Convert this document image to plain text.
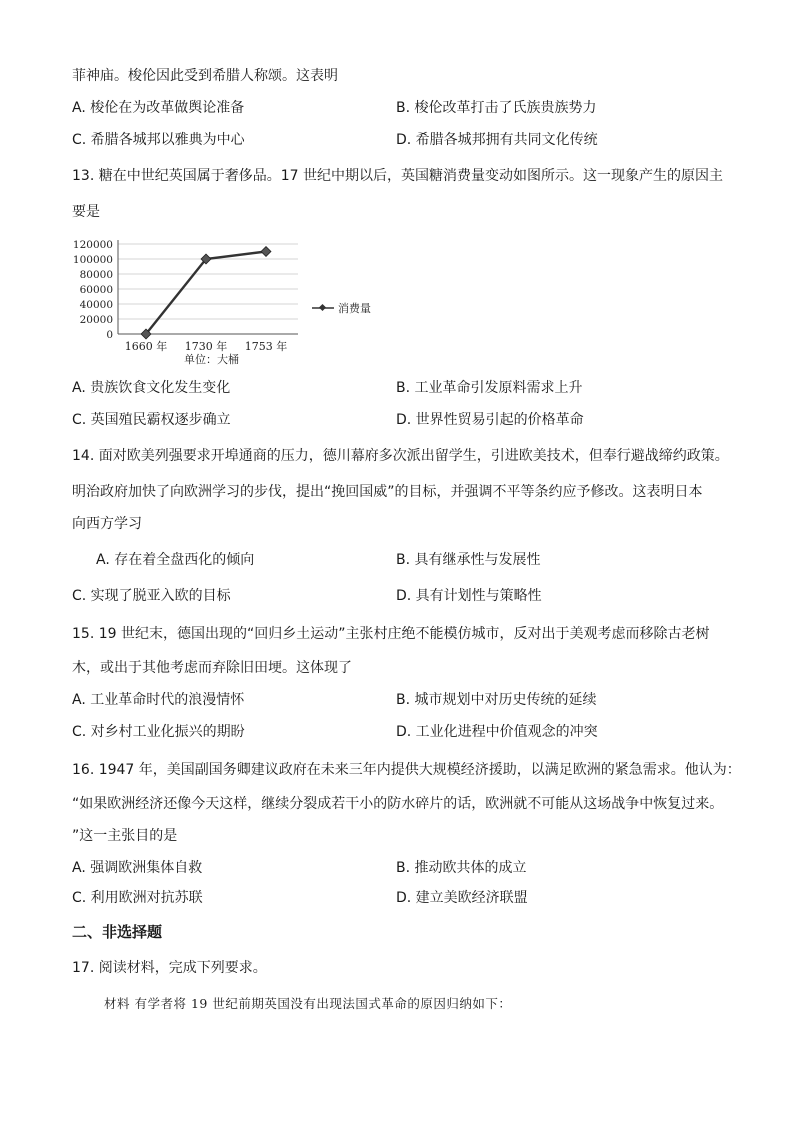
菲神庙。梭伦因此受到希腊人称颂。这表明
A. 梭伦在为改革做舆论准备	B. 梭伦改革打击了氏族贵族势力
C. 希腊各城邦以雅典为中心	D. 希腊各城邦拥有共同文化传统
13. 糖在中世纪英国属于奢侈品。17 世纪中期以后，英国糖消费量变动如图所示。这一现象产生的原因主
要是
0
20000
40000
60000
80000
100000
120000
1660 年 1730 年 1753 年
消费量
单位：大桶
A. 贵族饮食文化发生变化	B. 工业革命引发原料需求上升
C. 英国殖民霸权逐步确立	D. 世界性贸易引起的价格革命
14. 面对欧美列强要求开埠通商的压力，德川幕府多次派出留学生，引进欧美技术，但奉行避战缔约政策。
明治政府加快了向欧洲学习的步伐，提出“挽回国威”的目标，并强调不平等条约应予修改。这表明日本
向西方学习
A. 存在着全盘西化的倾向	B. 具有继承性与发展性
C. 实现了脱亚入欧的目标	D. 具有计划性与策略性
15. 19 世纪末，德国出现的“回归乡土运动”主张村庄绝不能模仿城市，反对出于美观考虑而移除古老树
木，或出于其他考虑而弃除旧田埂。这体现了
A. 工业革命时代的浪漫情怀	B. 城市规划中对历史传统的延续
C. 对乡村工业化振兴的期盼	D. 工业化进程中价值观念的冲突
16. 1947 年，美国副国务卿建议政府在未来三年内提供大规模经济援助，以满足欧洲的紧急需求。他认为：
“如果欧洲经济还像今天这样，继续分裂成若干小的防水碎片的话，欧洲就不可能从这场战争中恢复过来。
”这一主张目的是
A. 强调欧洲集体自救	B. 推动欧共体的成立
C. 利用欧洲对抗苏联	D. 建立美欧经济联盟
二、非选择题
17. 阅读材料，完成下列要求。
材料 有学者将 19 世纪前期英国没有出现法国式革命的原因归纳如下：
